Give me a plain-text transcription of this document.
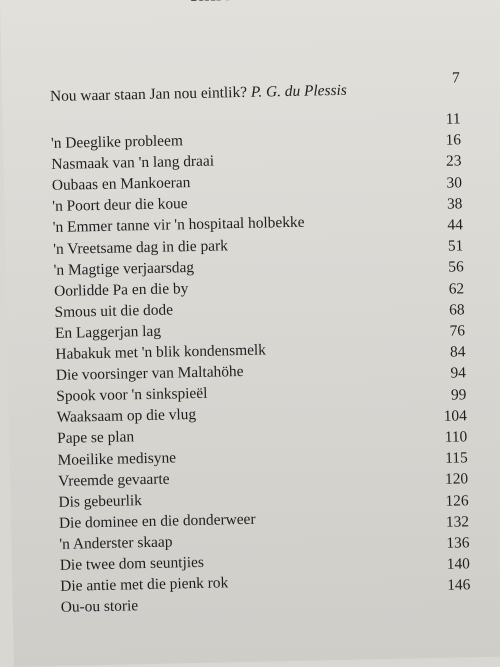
Nou waar staan Jan nou eintlik? P. G. du Plessis
7
'n Deeglike probleem
11
Nasmaak van 'n lang draai
16
Oubaas en Mankoeran
23
'n Poort deur die koue
30
'n Emmer tanne vir 'n hospitaal holbekke
38
'n Vreetsame dag in die park
44
'n Magtige verjaarsdag
51
Oorlidde Pa en die by
56
Smous uit die dode
62
En Laggerjan lag
68
Habakuk met 'n blik kondensmelk
76
Die voorsinger van Maltahöhe
84
Spook voor 'n sinkspieël
94
Waaksaam op die vlug
99
Pape se plan
104
Moeilike medisyne
110
Vreemde gevaarte
115
Dis gebeurlik
120
Die dominee en die donderweer
126
'n Anderster skaap
132
Die twee dom seuntjies
136
Die antie met die pienk rok
140
Ou-ou storie
146
